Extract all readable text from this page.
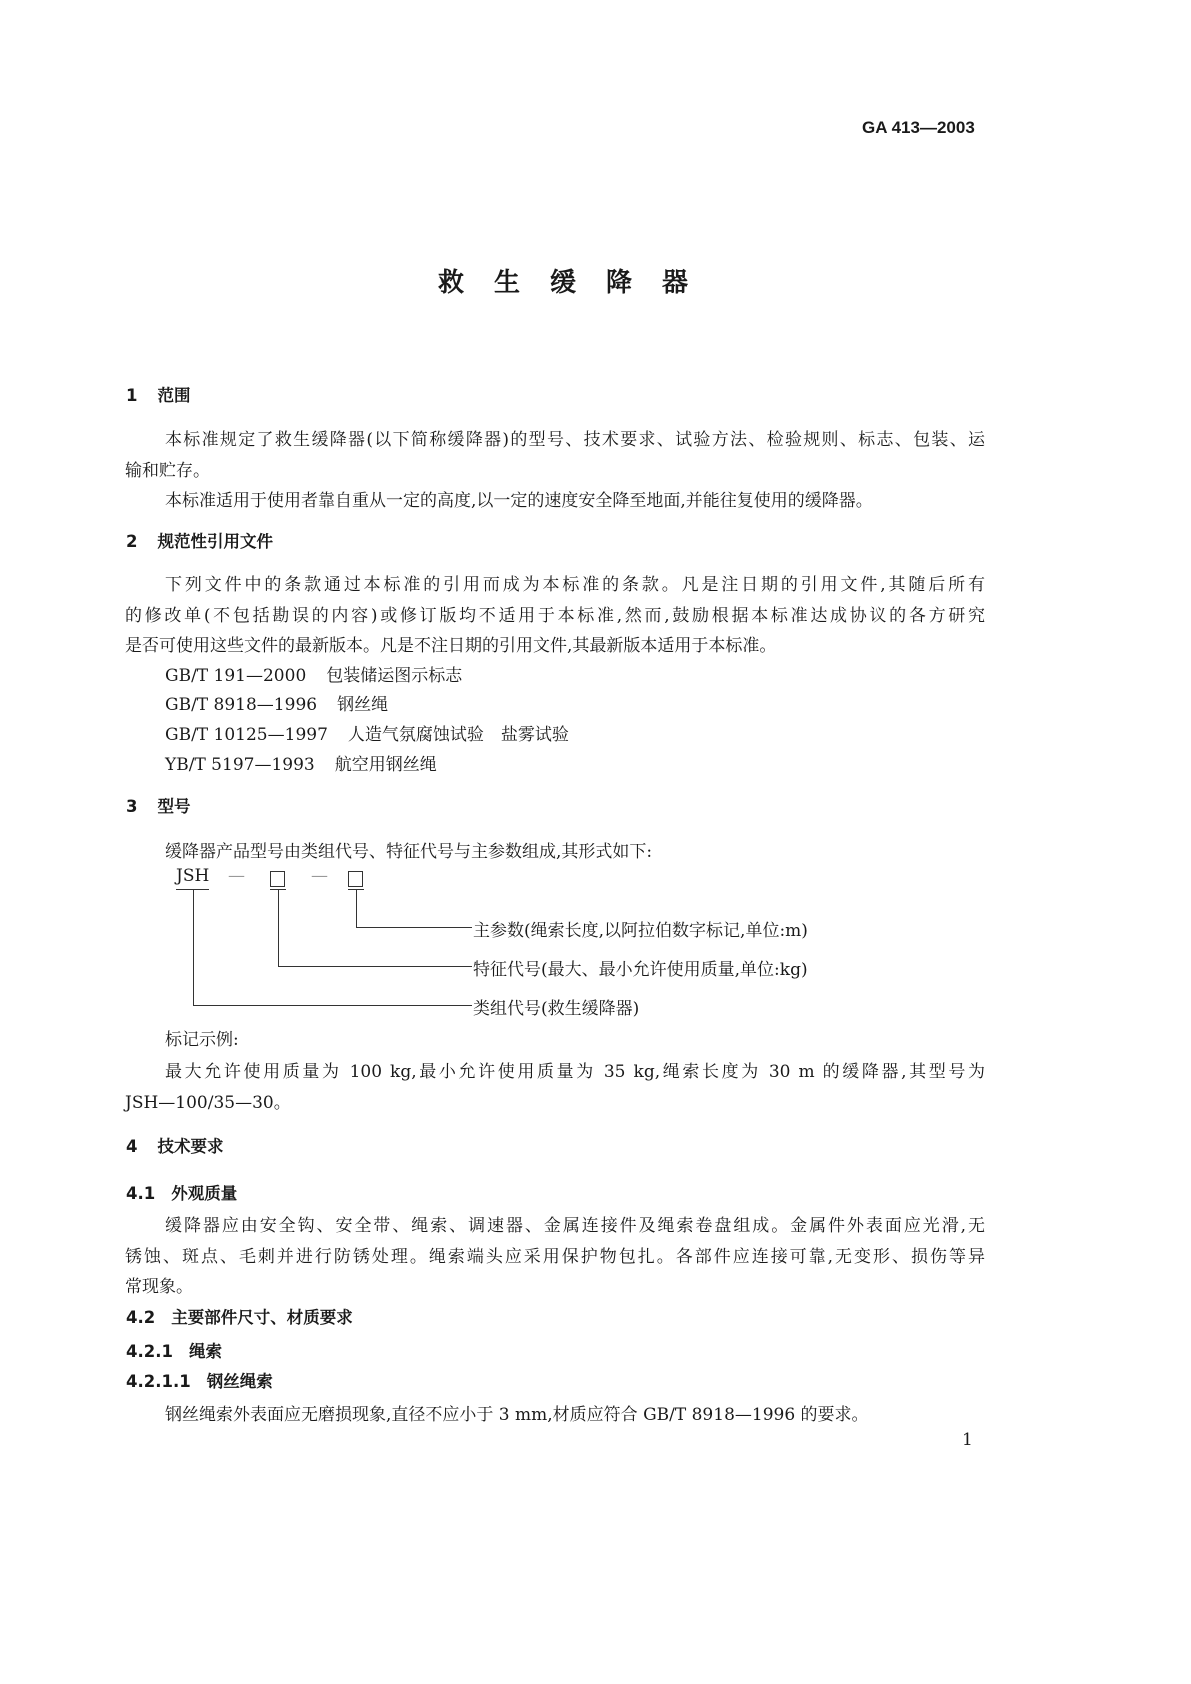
GA 413—2003
救生缓降器
1 范围
本标准规定了救生缓降器(以下简称缓降器)的型号、技术要求、试验方法、检验规则、标志、包装、运
输和贮存。
本标准适用于使用者靠自重从一定的高度,以一定的速度安全降至地面,并能往复使用的缓降器。
2 规范性引用文件
下列文件中的条款通过本标准的引用而成为本标准的条款。凡是注日期的引用文件,其随后所有
的修改单(不包括勘误的内容)或修订版均不适用于本标准,然而,鼓励根据本标准达成协议的各方研究
是否可使用这些文件的最新版本。凡是不注日期的引用文件,其最新版本适用于本标准。
GB/T 191—2000 包装储运图示标志
GB/T 8918—1996 钢丝绳
GB/T 10125—1997 人造气氛腐蚀试验　盐雾试验
YB/T 5197—1993 航空用钢丝绳
3 型号
缓降器产品型号由类组代号、特征代号与主参数组成,其形式如下:
JSH —	—
主参数(绳索长度,以阿拉伯数字标记,单位:m)
特征代号(最大、最小允许使用质量,单位:kg)
类组代号(救生缓降器)
标记示例:
最大允许使用质量为 100 kg,最小允许使用质量为 35 kg,绳索长度为 30 m 的缓降器,其型号为
JSH—100/35—30。
4 技术要求
4.1 外观质量
缓降器应由安全钩、安全带、绳索、调速器、金属连接件及绳索卷盘组成。金属件外表面应光滑,无
锈蚀、斑点、毛刺并进行防锈处理。绳索端头应采用保护物包扎。各部件应连接可靠,无变形、损伤等异
常现象。
4.2 主要部件尺寸、材质要求
4.2.1 绳索
4.2.1.1 钢丝绳索
钢丝绳索外表面应无磨损现象,直径不应小于 3 mm,材质应符合 GB/T 8918—1996 的要求。
1
